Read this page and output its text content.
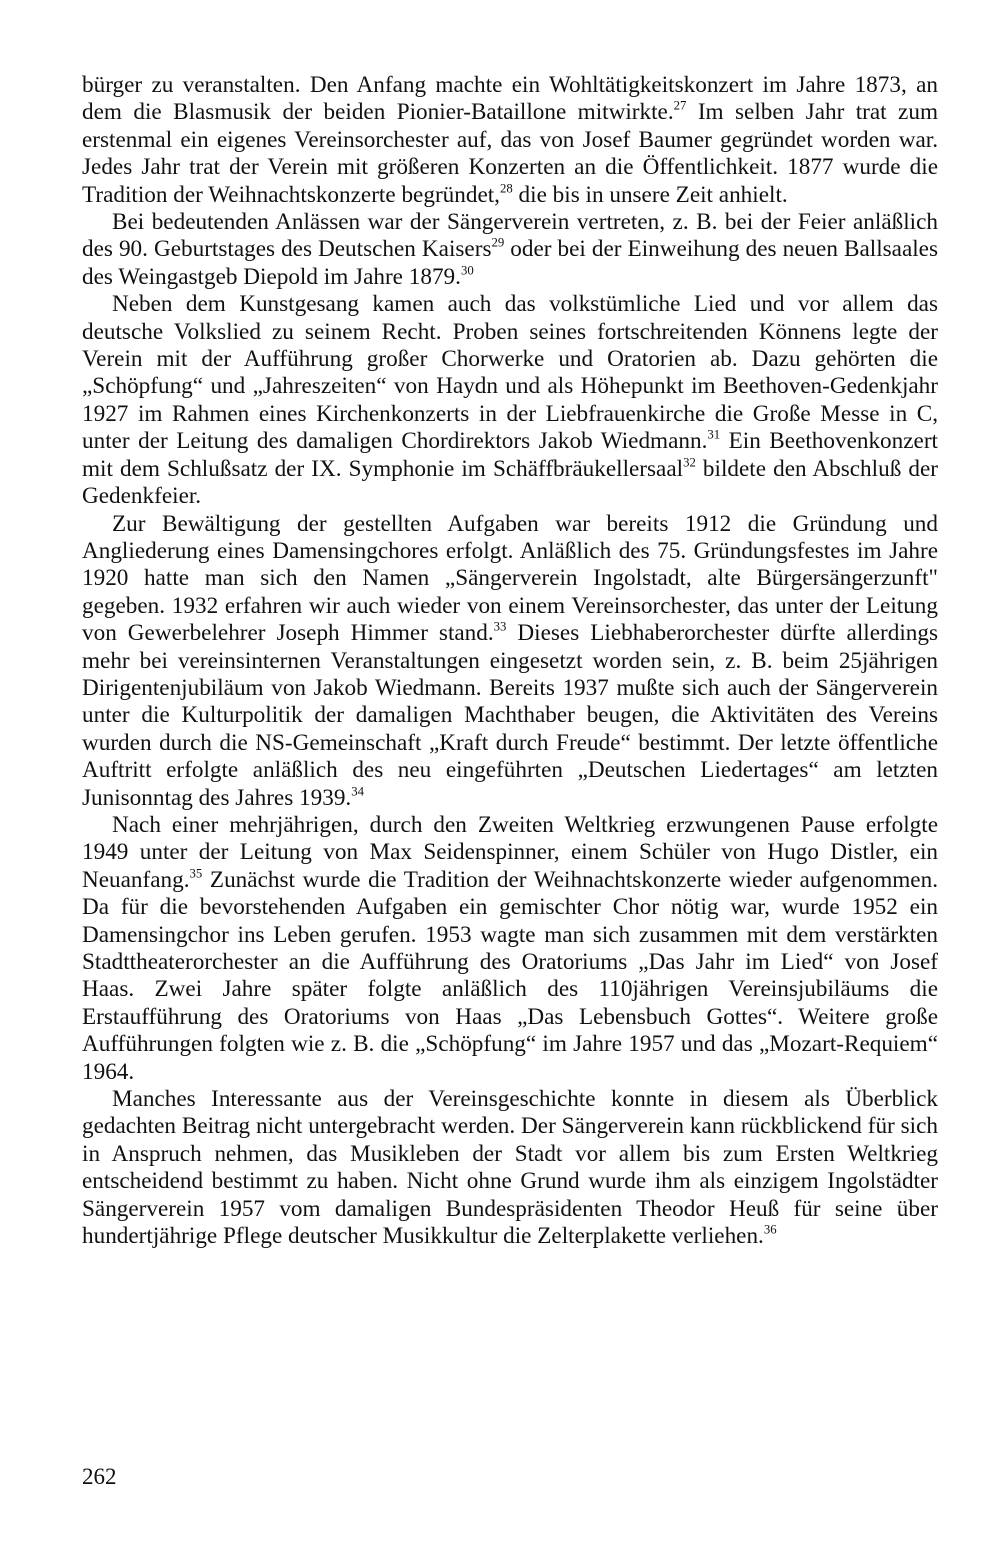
bürger zu veranstalten. Den Anfang machte ein Wohltätigkeitskonzert im Jahre 1873, an dem die Blasmusik der beiden Pionier-Bataillone mitwirkte.$^{27}$ Im selben Jahr trat zum erstenmal ein eigenes Vereinsorchester auf, das von Josef Baumer gegründet worden war. Jedes Jahr trat der Verein mit größeren Konzerten an die Öffentlichkeit. 1877 wurde die Tradition der Weihnachtskonzerte begründet,$^{28}$ die bis in unsere Zeit anhielt.

Bei bedeutenden Anlässen war der Sängerverein vertreten, z. B. bei der Feier anläßlich des 90. Geburtstages des Deutschen Kaisers$^{29}$ oder bei der Einweihung des neuen Ballsaales des Weingastgeb Diepold im Jahre 1879.30

Neben dem Kunstgesang kamen auch das volkstümliche Lied und vor allem das deutsche Volkslied zu seinem Recht. Proben seines fortschreitenden Könnens legte der Verein mit der Aufführung großer Chorwerke und Oratorien ab. Dazu gehörten die „Schöpfung“ und „Jahreszeiten“ von Haydn und als Höhepunkt im Beethoven-Gedenkjahr 1927 im Rahmen eines Kirchenkonzerts in der Liebfrauenkirche die Große Messe in C, unter der Leitung des damaligen Chordirektors Jakob Wiedmann.$^{31}$ Ein Beethovenkonzert mit dem Schlußsatz der IX. Symphonie im Schäffbräukellersaal$^{32}$ bildete den Abschluß der Gedenkfeier.

Zur Bewältigung der gestellten Aufgaben war bereits 1912 die Gründung und Angliederung eines Damensingchores erfolgt. Anläßlich des 75. Gründungsfestes im Jahre 1920 hatte man sich den Namen „Sängerverein Ingolstadt, alte Bürgersängerzunft" gegeben. 1932 erfahren wir auch wieder von einem Vereinsorchester, das unter der Leitung von Gewerbelehrer Joseph Himmer stand.$^{33}$ Dieses Liebhaberorchester dürfte allerdings mehr bei vereinsinternen Veranstaltungen eingesetzt worden sein, z. B. beim 25jährigen Dirigentenjubiläum von Jakob Wiedmann. Bereits 1937 mußte sich auch der Sängerverein unter die Kulturpolitik der damaligen Machthaber beugen, die Aktivitäten des Vereins wurden durch die NS-Gemeinschaft „Kraft durch Freude“ bestimmt. Der letzte öffentliche Auftritt erfolgte anläßlich des neu eingeführten „Deutschen Liedertages“ am letzten Junisonntag des Jahres 1939.34

Nach einer mehrjährigen, durch den Zweiten Weltkrieg erzwungenen Pause erfolgte 1949 unter der Leitung von Max Seidenspinner, einem Schüler von Hugo Distler, ein Neuanfang.$^{35}$ Zunächst wurde die Tradition der Weihnachtskonzerte wieder aufgenommen. Da für die bevorstehenden Aufgaben ein gemischter Chor nötig war, wurde 1952 ein Damensingchor ins Leben gerufen. 1953 wagte man sich zusammen mit dem verstärkten Stadttheaterorchester an die Aufführung des Oratoriums „Das Jahr im Lied“ von Josef Haas. Zwei Jahre später folgte anläßlich des 110jährigen Vereinsjubiläums die Erstaufführung des Oratoriums von Haas „Das Lebensbuch Gottes“. Weitere große Aufführungen folgten wie z. B. die „Schöpfung“ im Jahre 1957 und das „Mozart-Requiem“ 1964.

Manches Interessante aus der Vereinsgeschichte konnte in diesem als Überblick gedachten Beitrag nicht untergebracht werden. Der Sängerverein kann rückblickend für sich in Anspruch nehmen, das Musikleben der Stadt vor allem bis zum Ersten Weltkrieg entscheidend bestimmt zu haben. Nicht ohne Grund wurde ihm als einzigem Ingolstädter Sängerverein 1957 vom damaligen Bundespräsidenten Theodor Heuß für seine über hundertjährige Pflege deutscher Musikkultur die Zelterplakette verliehen.$^{36}$

262
